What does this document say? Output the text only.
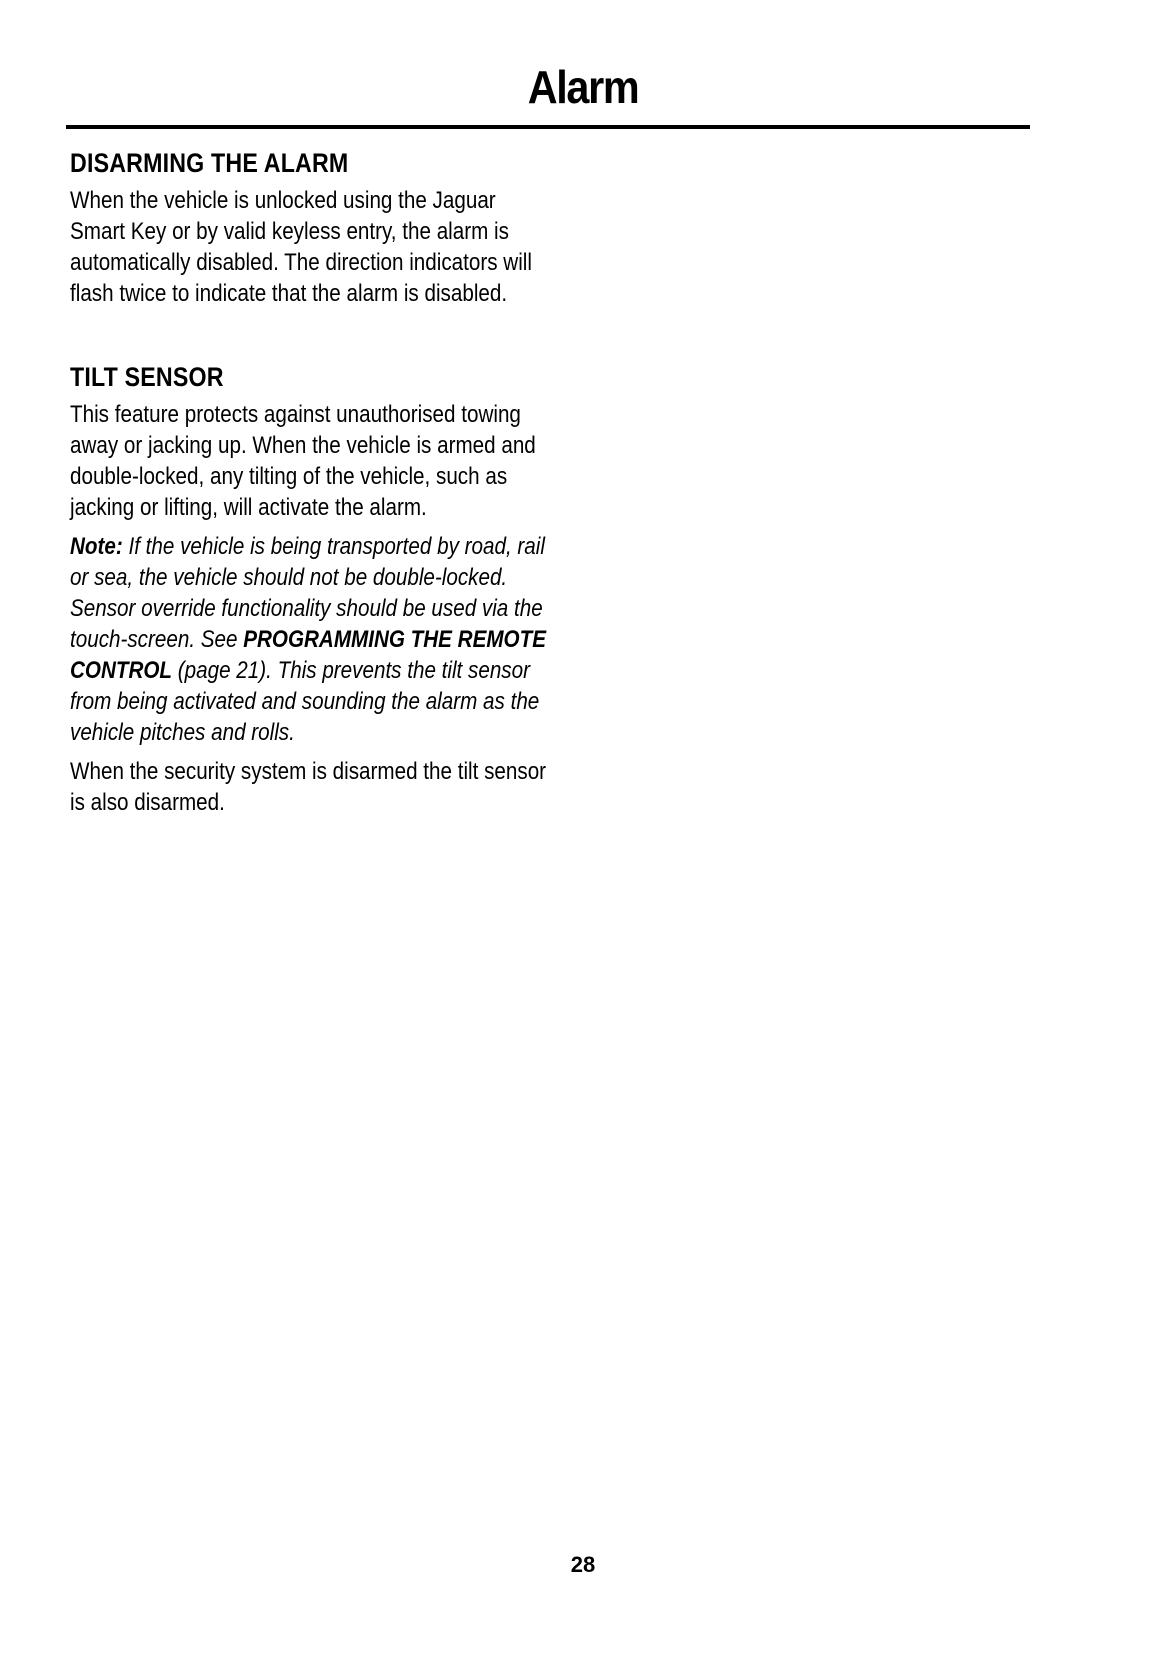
Alarm
DISARMING THE ALARM

When the vehicle is unlocked using the Jaguar Smart Key or by valid keyless entry, the alarm is automatically disabled. The direction indicators will flash twice to indicate that the alarm is disabled.

TILT SENSOR

This feature protects against unauthorised towing away or jacking up. When the vehicle is armed and double-locked, any tilting of the vehicle, such as jacking or lifting, will activate the alarm.

Note: If the vehicle is being transported by road, rail or sea, the vehicle should not be double-locked. Sensor override functionality should be used via the touch-screen. See PROGRAMMING THE REMOTE CONTROL (page 21). This prevents the tilt sensor from being activated and sounding the alarm as the vehicle pitches and rolls.

When the security system is disarmed the tilt sensor is also disarmed.

28
